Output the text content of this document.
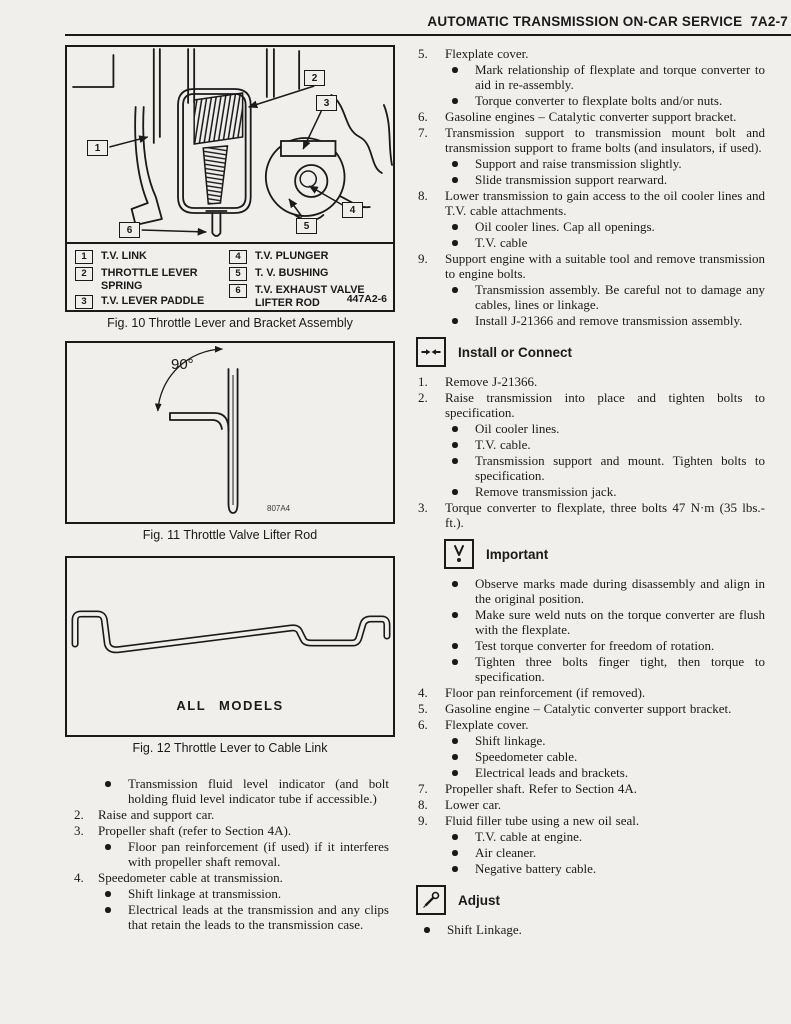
AUTOMATIC TRANSMISSION ON-CAR SERVICE  7A2-7
1
2
3
4
5
6
1	T.V. LINK
2	THROTTLE LEVER SPRING
3	T.V. LEVER PADDLE
4	T.V. PLUNGER
5	T. V. BUSHING
6	T.V. EXHAUST VALVE LIFTER ROD	447A2-6
Fig. 10 Throttle Lever and Bracket Assembly
90°
807A4
Fig. 11 Throttle Valve Lifter Rod
ALL MODELS
Fig. 12 Throttle Lever to Cable Link
Transmission fluid level indicator (and bolt holding fluid level indicator tube if accessible.)
2.	Raise and support car.
3.	Propeller shaft (refer to Section 4A).
Floor pan reinforcement (if used) if it interferes with propeller shaft removal.
4.	Speedometer cable at transmission.
Shift linkage at transmission.
Electrical leads at the transmission and any clips that retain the leads to the transmission case.
5.	Flexplate cover.
Mark relationship of flexplate and torque converter to aid in re-assembly.
Torque converter to flexplate bolts and/or nuts.
6.	Gasoline engines – Catalytic converter support bracket.
7.	Transmission support to transmission mount bolt and transmission support to frame bolts (and insulators, if used).
Support and raise transmission slightly.
Slide transmission support rearward.
8.	Lower transmission to gain access to the oil cooler lines and T.V. cable attachments.
Oil cooler lines. Cap all openings.
T.V. cable
9.	Support engine with a suitable tool and remove transmission to engine bolts.
Transmission assembly. Be careful not to damage any cables, lines or linkage.
Install J-21366 and remove transmission assembly.
Install or Connect
1.	Remove J-21366.
2.	Raise transmission into place and tighten bolts to specification.
Oil cooler lines.
T.V. cable.
Transmission support and mount. Tighten bolts to specification.
Remove transmission jack.
3.	Torque converter to flexplate, three bolts 47 N·m (35 lbs.-ft.).
Important
Observe marks made during disassembly and align in the original position.
Make sure weld nuts on the torque converter are flush with the flexplate.
Test torque converter for freedom of rotation.
Tighten three bolts finger tight, then torque to specification.
4.	Floor pan reinforcement (if removed).
5.	Gasoline engine – Catalytic converter support bracket.
6.	Flexplate cover.
Shift linkage.
Speedometer cable.
Electrical leads and brackets.
7.	Propeller shaft. Refer to Section 4A.
8.	Lower car.
9.	Fluid filler tube using a new oil seal.
T.V. cable at engine.
Air cleaner.
Negative battery cable.
Adjust
Shift Linkage.
